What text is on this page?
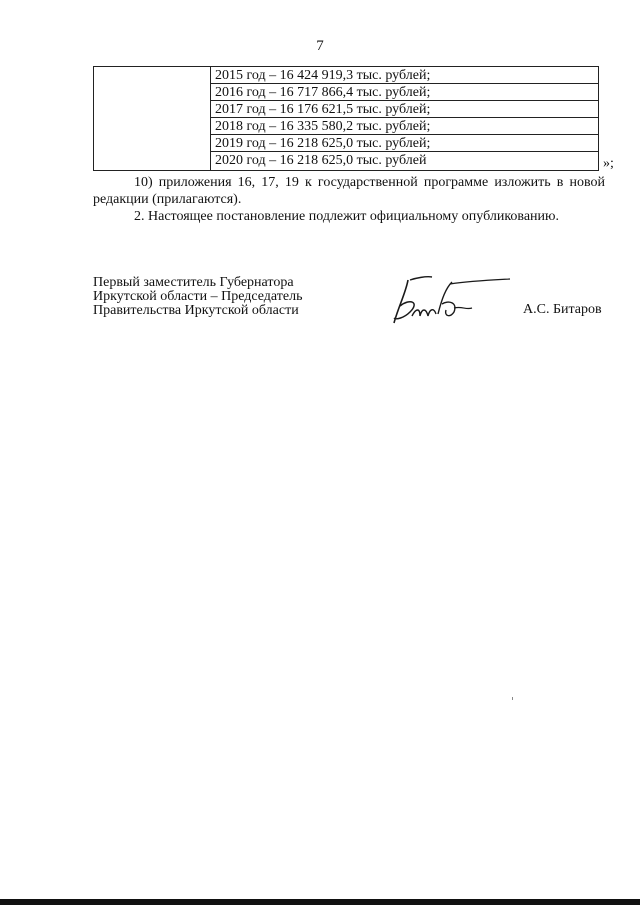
7
2015 год – 16 424 919,3 тыс. рублей;
2016 год – 16 717 866,4 тыс. рублей;
2017 год – 16 176 621,5 тыс. рублей;
2018 год – 16 335 580,2 тыс. рублей;
2019 год – 16 218 625,0 тыс. рублей;
2020 год – 16 218 625,0 тыс. рублей	»;
10) приложения 16, 17, 19 к государственной программе изложить в новой редакции (прилагаются).
2. Настоящее постановление подлежит официальному опубликованию.
Первый заместитель Губернатора
Иркутской области – Председатель
Правительства Иркутской области	А.С. Битаров
